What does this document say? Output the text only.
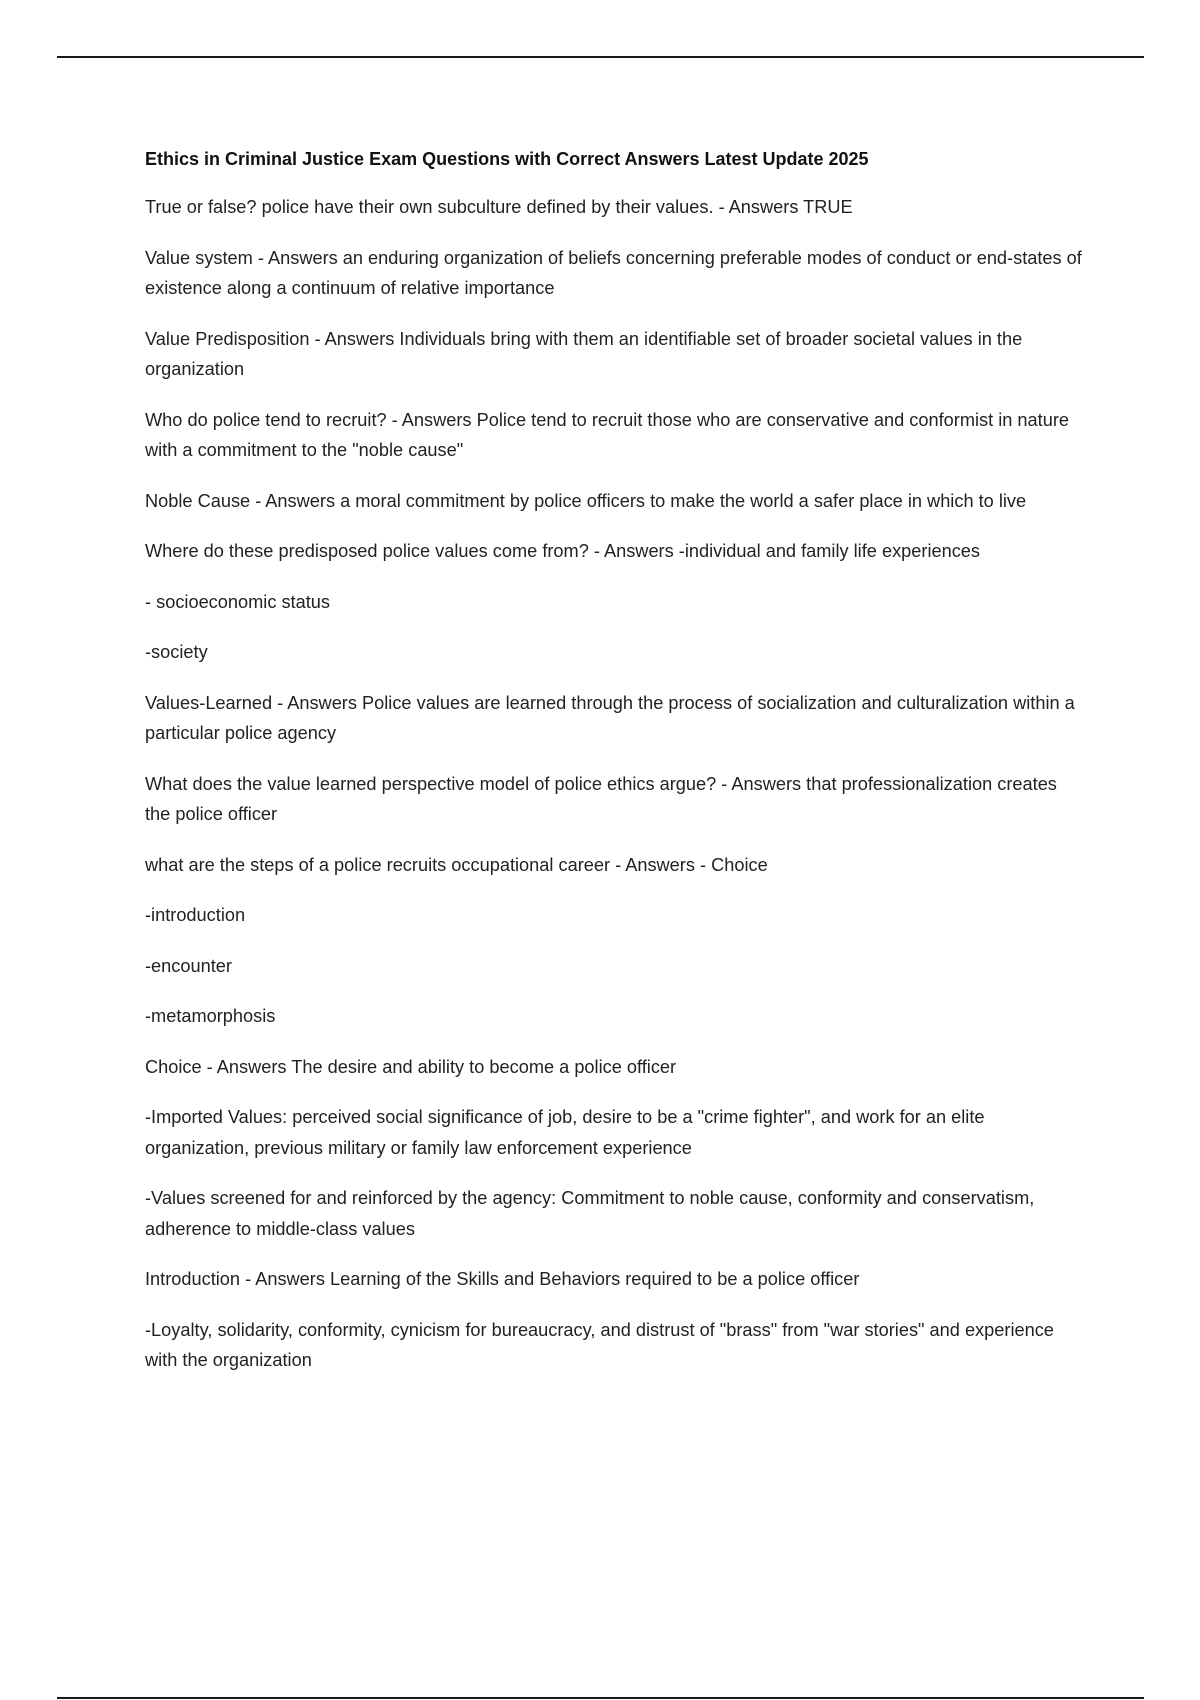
Ethics in Criminal Justice Exam Questions with Correct Answers Latest Update 2025

True or false? police have their own subculture defined by their values. - Answers TRUE

Value system - Answers an enduring organization of beliefs concerning preferable modes of conduct or end-states of existence along a continuum of relative importance

Value Predisposition - Answers Individuals bring with them an identifiable set of broader societal values in the organization

Who do police tend to recruit? - Answers Police tend to recruit those who are conservative and conformist in nature with a commitment to the "noble cause"

Noble Cause - Answers a moral commitment by police officers to make the world a safer place in which to live

Where do these predisposed police values come from? - Answers -individual and family life experiences

- socioeconomic status

-society

Values-Learned - Answers Police values are learned through the process of socialization and culturalization within a particular police agency

What does the value learned perspective model of police ethics argue? - Answers that professionalization creates the police officer

what are the steps of a police recruits occupational career - Answers - Choice

-introduction

-encounter

-metamorphosis

Choice - Answers The desire and ability to become a police officer

-Imported Values: perceived social significance of job, desire to be a "crime fighter", and work for an elite organization, previous military or family law enforcement experience

-Values screened for and reinforced by the agency: Commitment to noble cause, conformity and conservatism, adherence to middle-class values

Introduction - Answers Learning of the Skills and Behaviors required to be a police officer

-Loyalty, solidarity, conformity, cynicism for bureaucracy, and distrust of "brass" from "war stories" and experience with the organization
